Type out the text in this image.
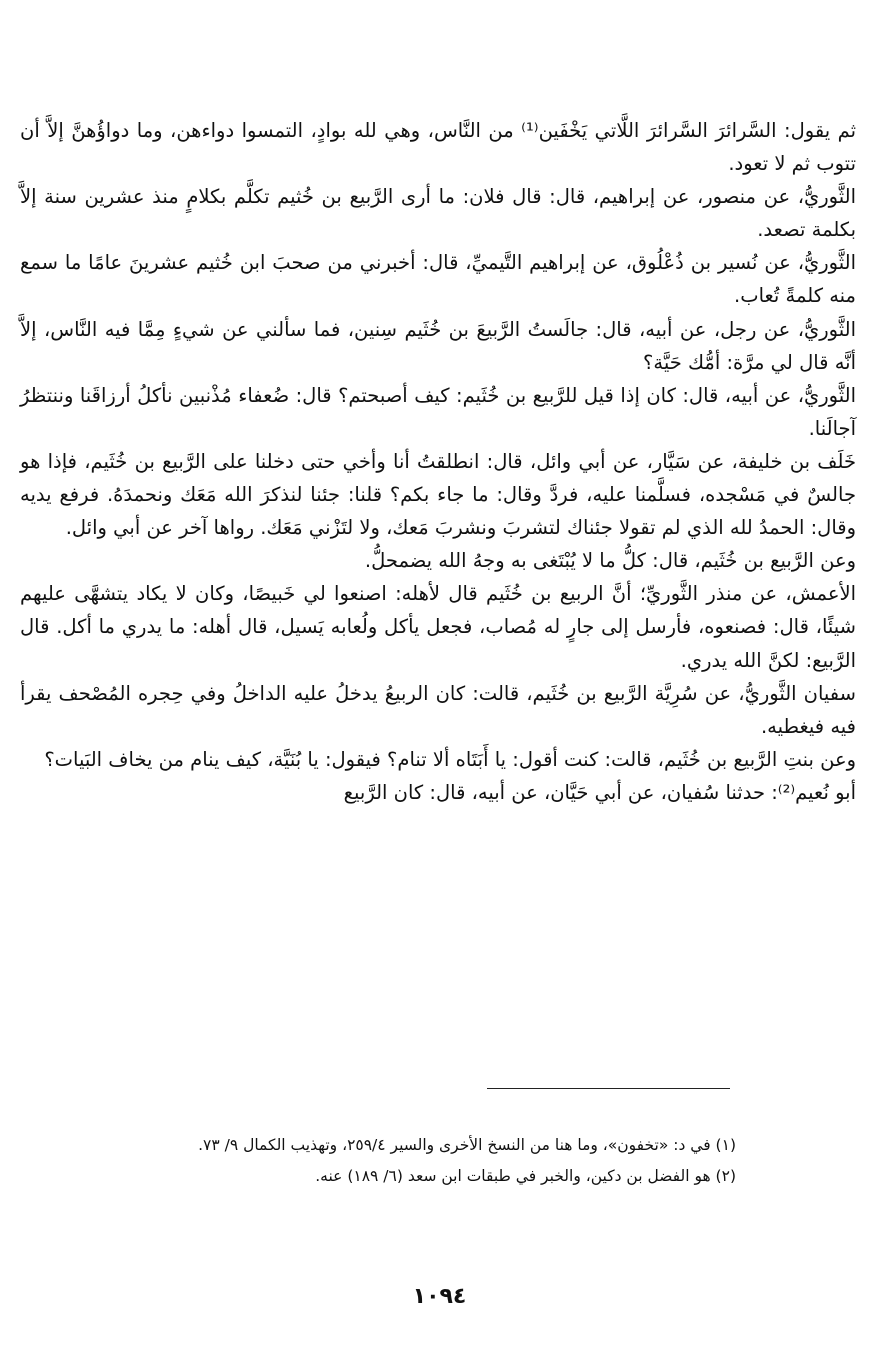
ثم يقول: السَّرائرَ السَّرائرَ اللَّاتي يَخْفَين⁽¹⁾ من النَّاس، وهي لله بوادٍ، التمسوا دواءهن، وما دواؤُهنَّ إلاَّ أن تتوب ثم لا تعود.

الثَّوريُّ، عن منصور، عن إبراهيم، قال: قال فلان: ما أرى الرَّبيع بن خُثيم تكلَّم بكلامٍ منذ عشرين سنة إلاَّ بكلمة تصعد.

الثَّوريُّ، عن نُسير بن ذُعْلُوق، عن إبراهيم التَّيميِّ، قال: أخبرني من صحبَ ابن خُثيم عشرينَ عامًا ما سمع منه كلمةً تُعاب.

الثَّوريُّ، عن رجل، عن أبيه، قال: جالَستُ الرَّبيعَ بن خُثَيم سِنين، فما سألني عن شيءٍ مِمَّا فيه النَّاس، إلاَّ أنَّه قال لي مرَّة: أمُّك حَيَّة؟

الثَّوريُّ، عن أبيه، قال: كان إذا قيل للرَّبيع بن خُثَيم: كيف أصبحتم؟ قال: ضُعفاء مُذْنبين نأكلُ أرزاقَنا وننتظرُ آجالَنا.

خَلَف بن خليفة، عن سَيَّار، عن أبي وائل، قال: انطلقتُ أنا وأخي حتى دخلنا على الرَّبيع بن خُثَيم، فإذا هو جالسٌ في مَسْجده، فسلَّمنا عليه، فردَّ وقال: ما جاء بكم؟ قلنا: جئنا لنذكرَ الله مَعَك ونحمدَهُ. فرفع يديه وقال: الحمدُ لله الذي لم تقولا جئناك لتشربَ ونشربَ مَعك، ولا لتَزْني مَعَك. رواها آخر عن أبي وائل.

وعن الرَّبيع بن خُثَيم، قال: كلُّ ما لا يُبْتَغى به وجهُ الله يضمحلُّ.

الأعمش، عن منذر الثَّوريِّ؛ أنَّ الربيع بن خُثَيم قال لأهله: اصنعوا لي خَبيصًا، وكان لا يكاد يتشهَّى عليهم شيئًا، قال: فصنعوه، فأرسل إلى جارٍ له مُصاب، فجعل يأكل ولُعابه يَسيل، قال أهله: ما يدري ما أكل. قال الرَّبيع: لكنَّ الله يدري.

سفيان الثَّوريُّ، عن سُرِيَّة الرَّبيع بن خُثَيم، قالت: كان الربيعُ يدخلُ عليه الداخلُ وفي حِجره المُصْحف يقرأ فيه فيغطيه.

وعن بنتِ الرَّبيع بن خُثَيم، قالت: كنت أقول: يا أَبَتَاه ألا تنام؟ فيقول: يا بُنَيَّة، كيف ينام من يخاف البَيات؟

أبو نُعيم⁽²⁾: حدثنا سُفيان، عن أبي حَيَّان، عن أبيه، قال: كان الرَّبيع

(١) في د: «تخفون»، وما هنا من النسخ الأخرى والسير ٢٥٩/٤، وتهذيب الكمال ٩/ ٧٣.

(٢) هو الفضل بن دكين، والخبر في طبقات ابن سعد (٦/ ١٨٩) عنه.

١٠٩٤
